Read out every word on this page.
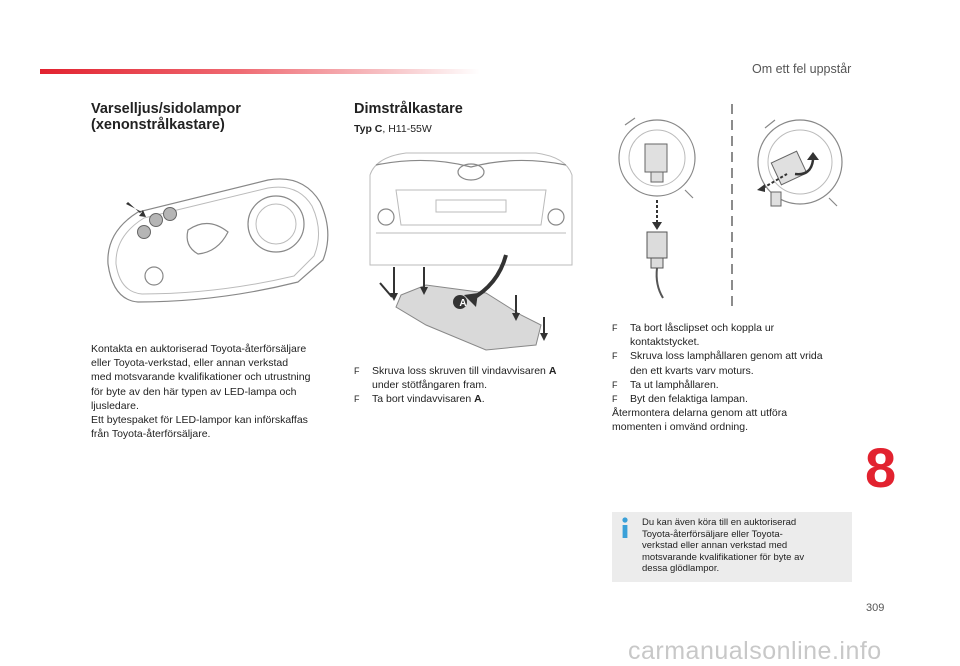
Om ett fel uppstår
Varselljus/sidolampor
(xenonstrålkastare)
Kontakta en auktoriserad Toyota-återförsäljare
eller Toyota-verkstad, eller annan verkstad
med motsvarande kvalifikationer och utrustning
för byte av den här typen av LED-lampa och
ljusledare.
Ett bytespaket för LED-lampor kan införskaffas
från Toyota-återförsäljare.
Dimstrålkastare
Typ C, H11-55W
A
F Skruva loss skruven till vindavvisaren A
under stötfångaren fram.
F Ta bort vindavvisaren A.
F Ta bort låsclipset och koppla ur
kontaktstycket.
F Skruva loss lamphållaren genom att vrida
den ett kvarts varv moturs.
F Ta ut lamphållaren.
F Byt den felaktiga lampan.
Återmontera delarna genom att utföra
momenten i omvänd ordning.
8
Du kan även köra till en auktoriserad
Toyota-återförsäljare eller Toyota-
verkstad eller annan verkstad med
motsvarande kvalifikationer för byte av
dessa glödlampor.
309
carmanualsonline.info
